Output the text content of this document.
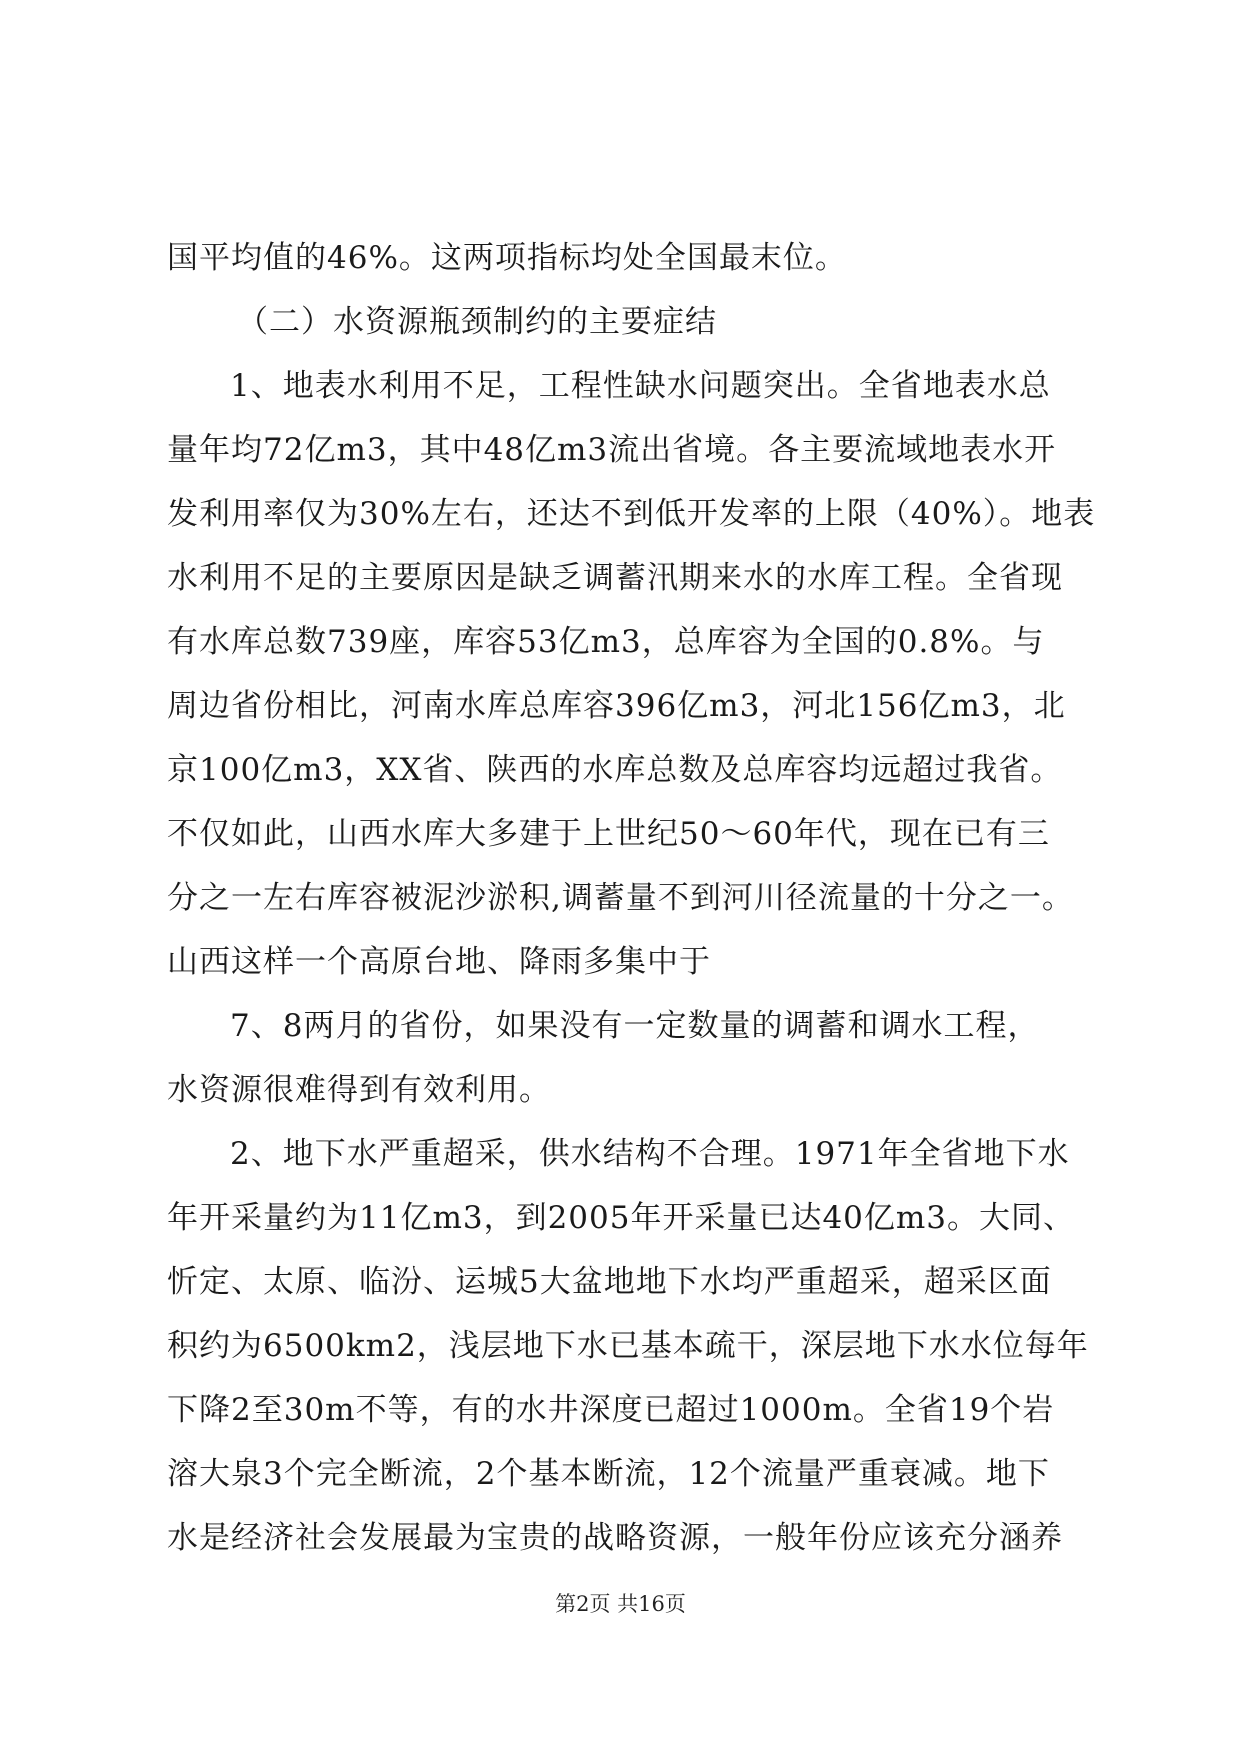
国平均值的46%。这两项指标均处全国最末位。
（二）水资源瓶颈制约的主要症结
1、地表水利用不足，工程性缺水问题突出。全省地表水总
量年均72亿m3，其中48亿m3流出省境。各主要流域地表水开
发利用率仅为30%左右，还达不到低开发率的上限（40%）。地表
水利用不足的主要原因是缺乏调蓄汛期来水的水库工程。全省现
有水库总数739座，库容53亿m3，总库容为全国的0.8%。与
周边省份相比，河南水库总库容396亿m3，河北156亿m3，北
京100亿m3，XX省、陕西的水库总数及总库容均远超过我省。
不仅如此，山西水库大多建于上世纪50～60年代，现在已有三
分之一左右库容被泥沙淤积,调蓄量不到河川径流量的十分之一。
山西这样一个高原台地、降雨多集中于
7、8两月的省份，如果没有一定数量的调蓄和调水工程，
水资源很难得到有效利用。
2、地下水严重超采，供水结构不合理。1971年全省地下水
年开采量约为11亿m3，到2005年开采量已达40亿m3。大同、
忻定、太原、临汾、运城5大盆地地下水均严重超采，超采区面
积约为6500km2，浅层地下水已基本疏干，深层地下水水位每年
下降2至30m不等，有的水井深度已超过1000m。全省19个岩
溶大泉3个完全断流，2个基本断流，12个流量严重衰减。地下
水是经济社会发展最为宝贵的战略资源，一般年份应该充分涵养
第2页 共16页
